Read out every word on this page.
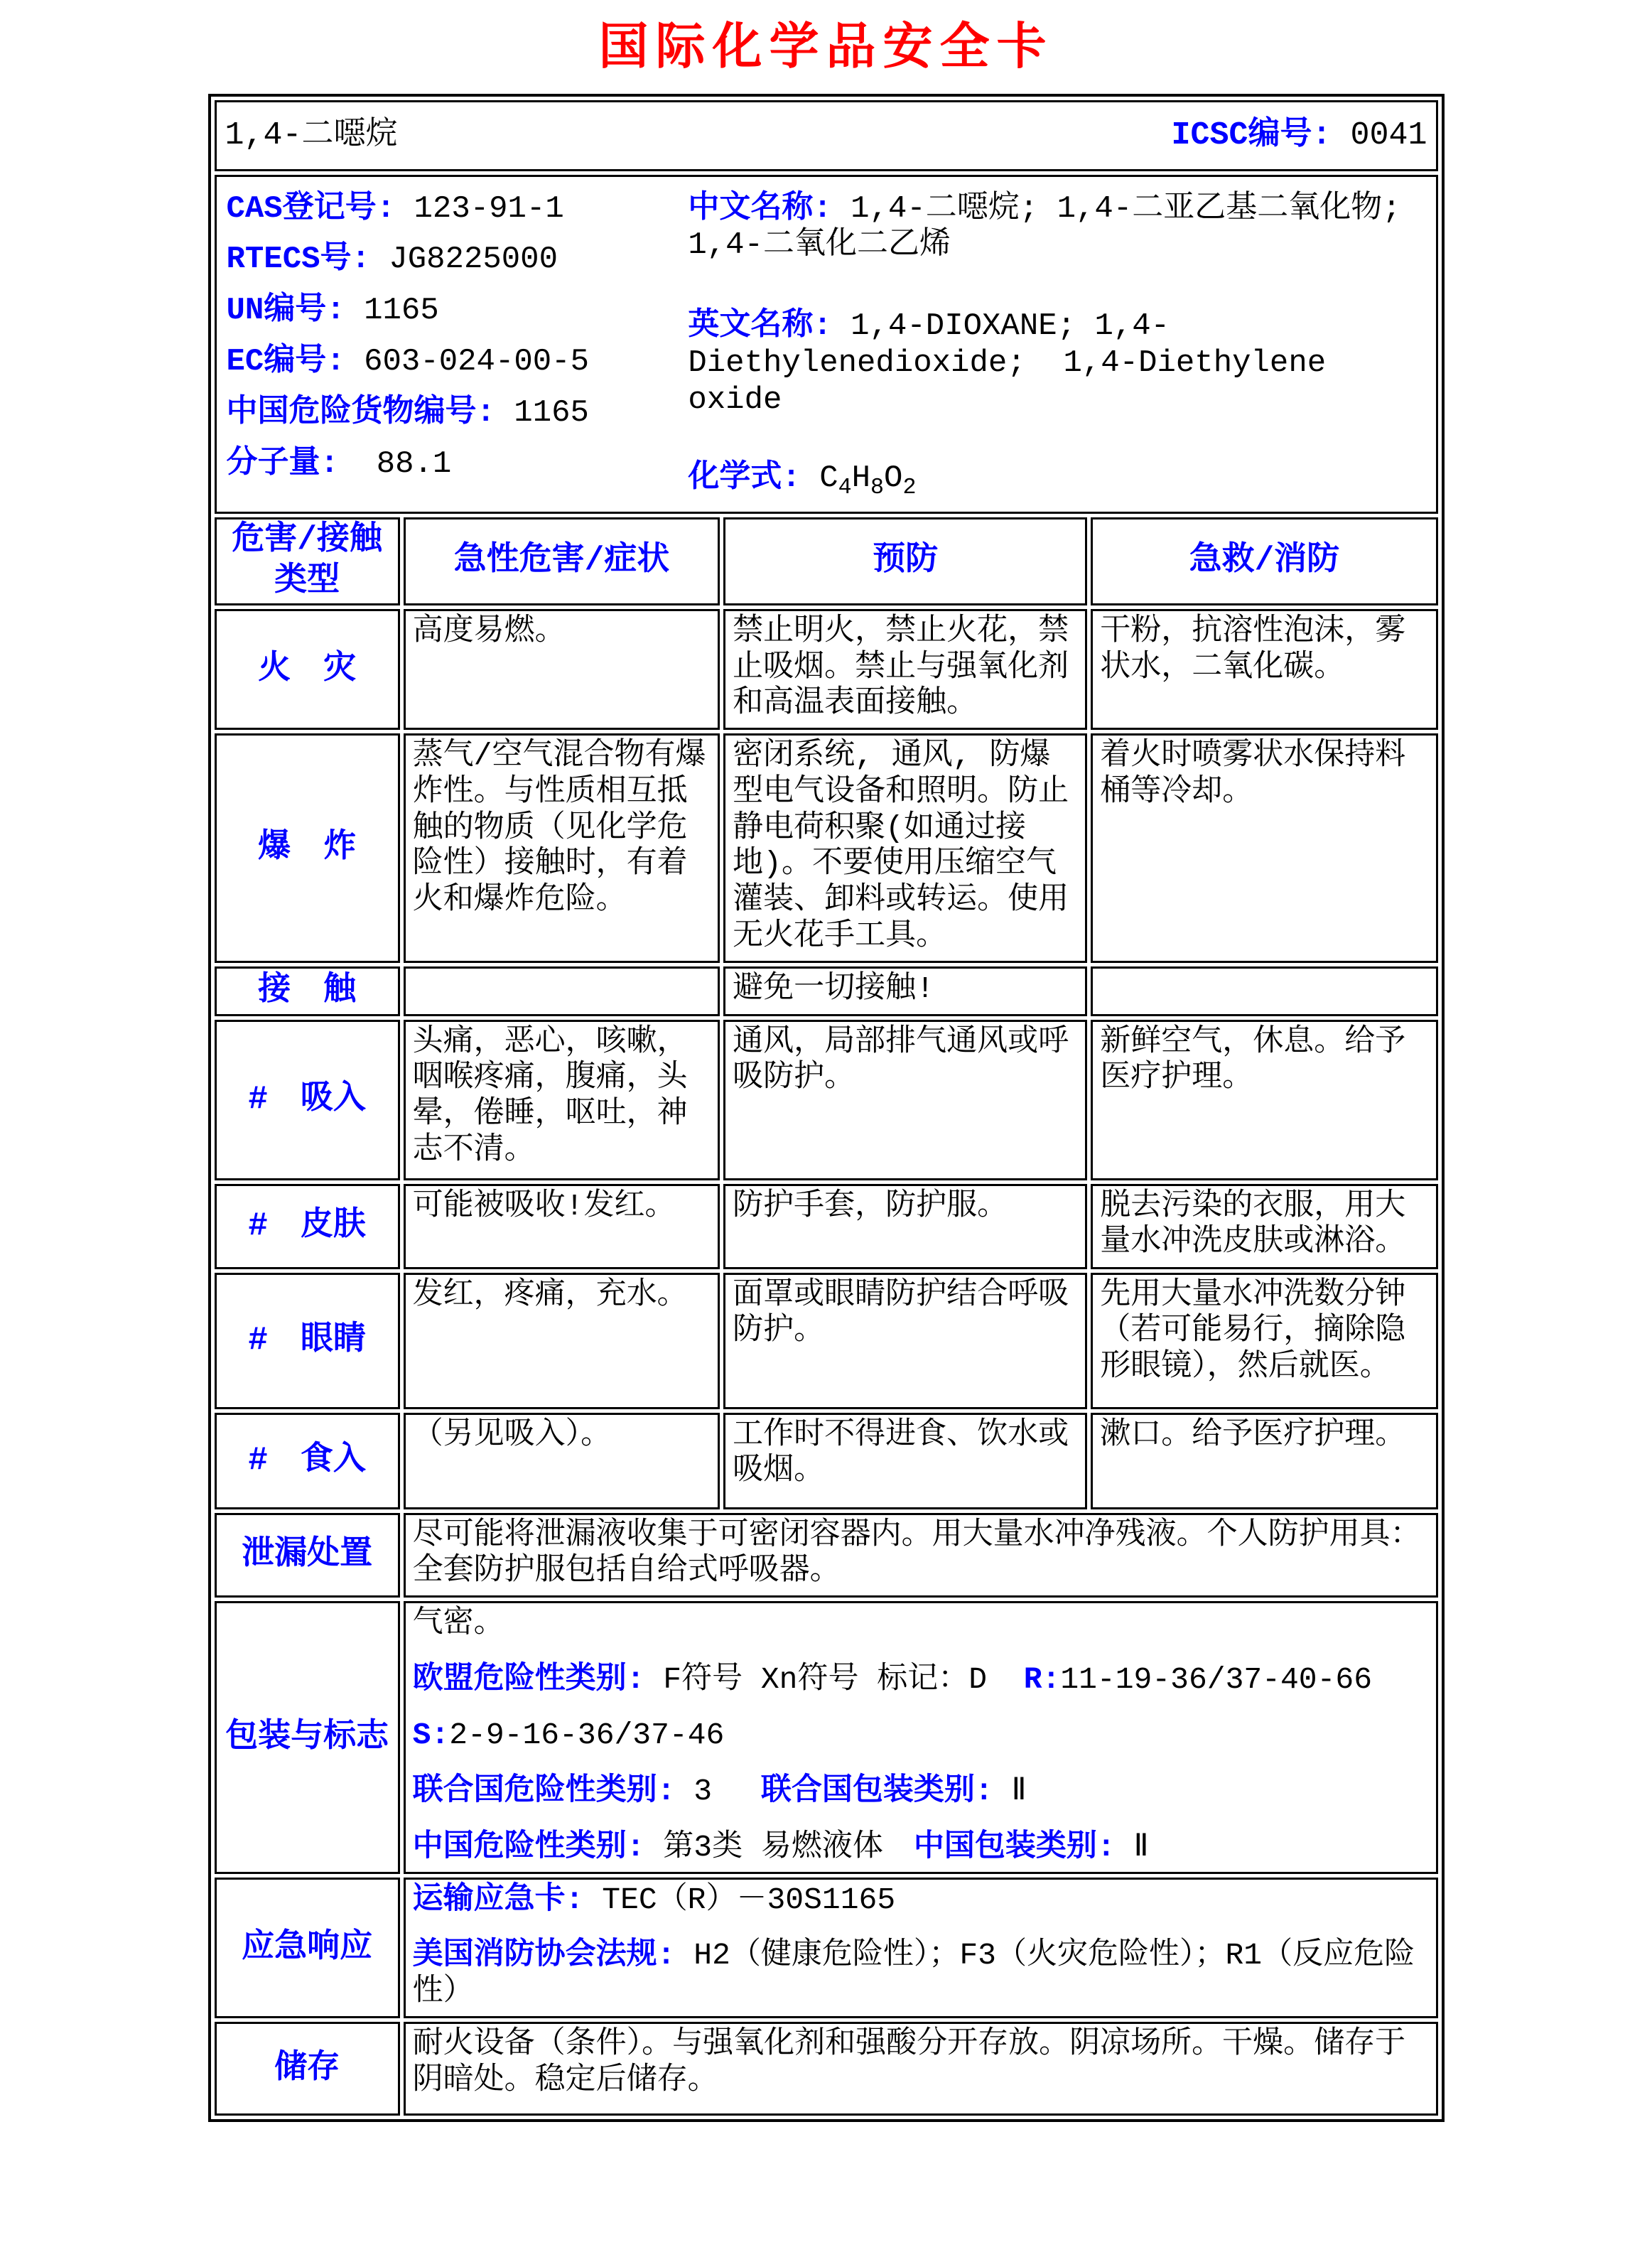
国际化学品安全卡
1,4-二噁烷 ICSC编号: 0041			

CAS登记号: 123-91-1
RTECS号: JG8225000
UN编号: 1165
EC编号: 603-024-00-5
中国危险货物编号: 1165
分子量:  88.1

中文名称: 1,4-二噁烷; 1,4-二亚乙基二氧化物; 1,4-二氧化二乙烯

英文名称: 1,4-DIOXANE; 1,4-Diethylenedioxide;  1,4-Diethylene oxide

化学式: $C_4H_8O_2$

危害/接触类型	急性危害/症状	预防	急救/消防
火　灾	高度易燃。	禁止明火，禁止火花，禁止吸烟。禁止与强氧化剂和高温表面接触。	干粉，抗溶性泡沫，雾状水，二氧化碳。
爆　炸	蒸气/空气混合物有爆炸性。与性质相互抵触的物质（见化学危险性）接触时，有着火和爆炸危险。	密闭系统, 通风, 防爆型电气设备和照明。防止静电荷积聚(如通过接地)。不要使用压缩空气灌装、卸料或转运。使用无火花手工具。	着火时喷雾状水保持料桶等冷却。
接　触		避免一切接触!	
#　吸入	头痛，恶心，咳嗽，咽喉疼痛，腹痛，头晕，倦睡，呕吐，神志不清。	通风，局部排气通风或呼吸防护。	新鲜空气，休息。给予医疗护理。
#　皮肤	可能被吸收!发红。	防护手套，防护服。	脱去污染的衣服，用大量水冲洗皮肤或淋浴。
#　眼睛	发红，疼痛，充水。	面罩或眼睛防护结合呼吸防护。	先用大量水冲洗数分钟（若可能易行，摘除隐形眼镜），然后就医。
#　食入	（另见吸入）。	工作时不得进食、饮水或吸烟。	漱口。给予医疗护理。
泄漏处置	尽可能将泄漏液收集于可密闭容器内。用大量水冲净残液。个人防护用具：全套防护服包括自给式呼吸器。		

包装与标志	气密。

欧盟危险性类别: F符号 Xn符号 标记：D  R:11-19-36/37-40-66

S:2-9-16-36/37-46

联合国危险性类别: 3　 联合国包装类别: Ⅱ

中国危险性类别: 第3类 易燃液体　中国包装类别: Ⅱ		

应急响应	运输应急卡: TEC（R）－30S1165

美国消防协会法规: H2（健康危险性）；F3（火灾危险性）；R1（反应危险性）		

储存	耐火设备（条件）。与强氧化剂和强酸分开存放。阴凉场所。干燥。储存于阴暗处。稳定后储存。		
